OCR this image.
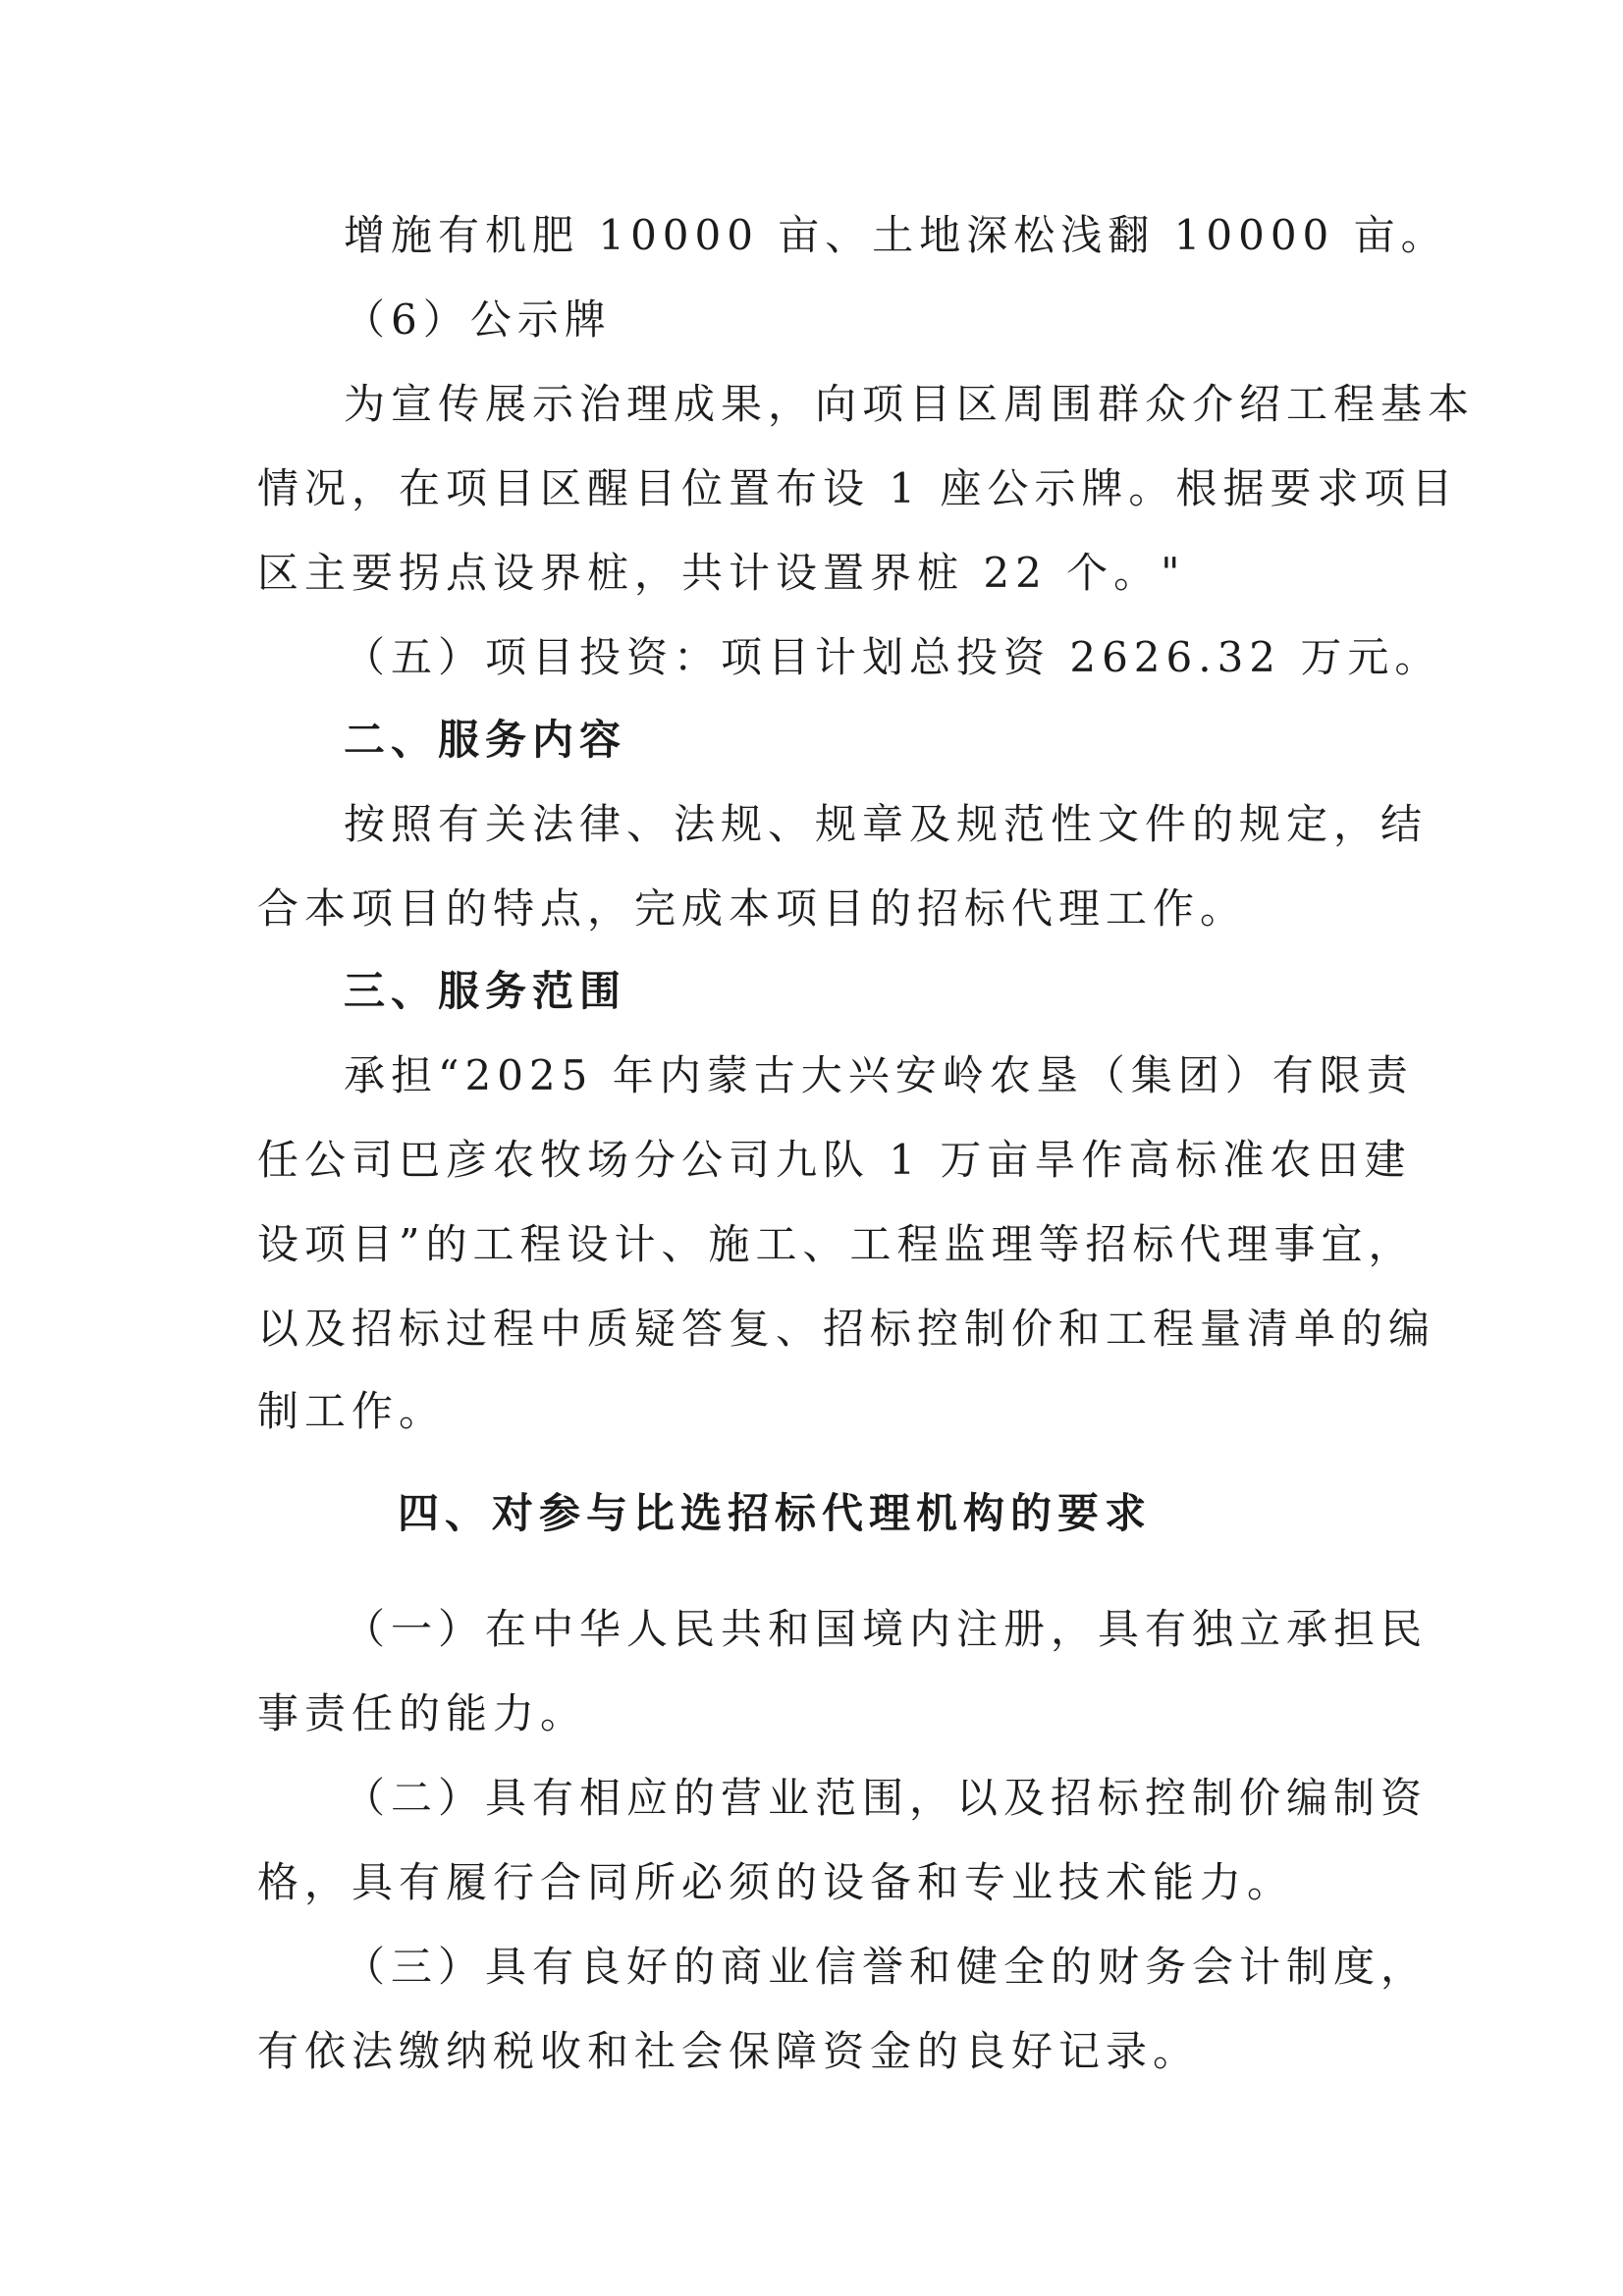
增施有机肥 10000 亩、土地深松浅翻 10000 亩。
（6）公示牌
为宣传展示治理成果，向项目区周围群众介绍工程基本
情况，在项目区醒目位置布设 1 座公示牌。根据要求项目
区主要拐点设界桩，共计设置界桩 22 个。"
（五）项目投资：项目计划总投资 2626.32 万元。
二、服务内容
按照有关法律、法规、规章及规范性文件的规定，结
合本项目的特点，完成本项目的招标代理工作。
三、服务范围
承担“2025 年内蒙古大兴安岭农垦（集团）有限责
任公司巴彦农牧场分公司九队 1 万亩旱作高标准农田建
设项目”的工程设计、施工、工程监理等招标代理事宜，
以及招标过程中质疑答复、招标控制价和工程量清单的编
制工作。
四、对参与比选招标代理机构的要求
（一）在中华人民共和国境内注册，具有独立承担民
事责任的能力。
（二）具有相应的营业范围，以及招标控制价编制资
格，具有履行合同所必须的设备和专业技术能力。
（三）具有良好的商业信誉和健全的财务会计制度，
有依法缴纳税收和社会保障资金的良好记录。
